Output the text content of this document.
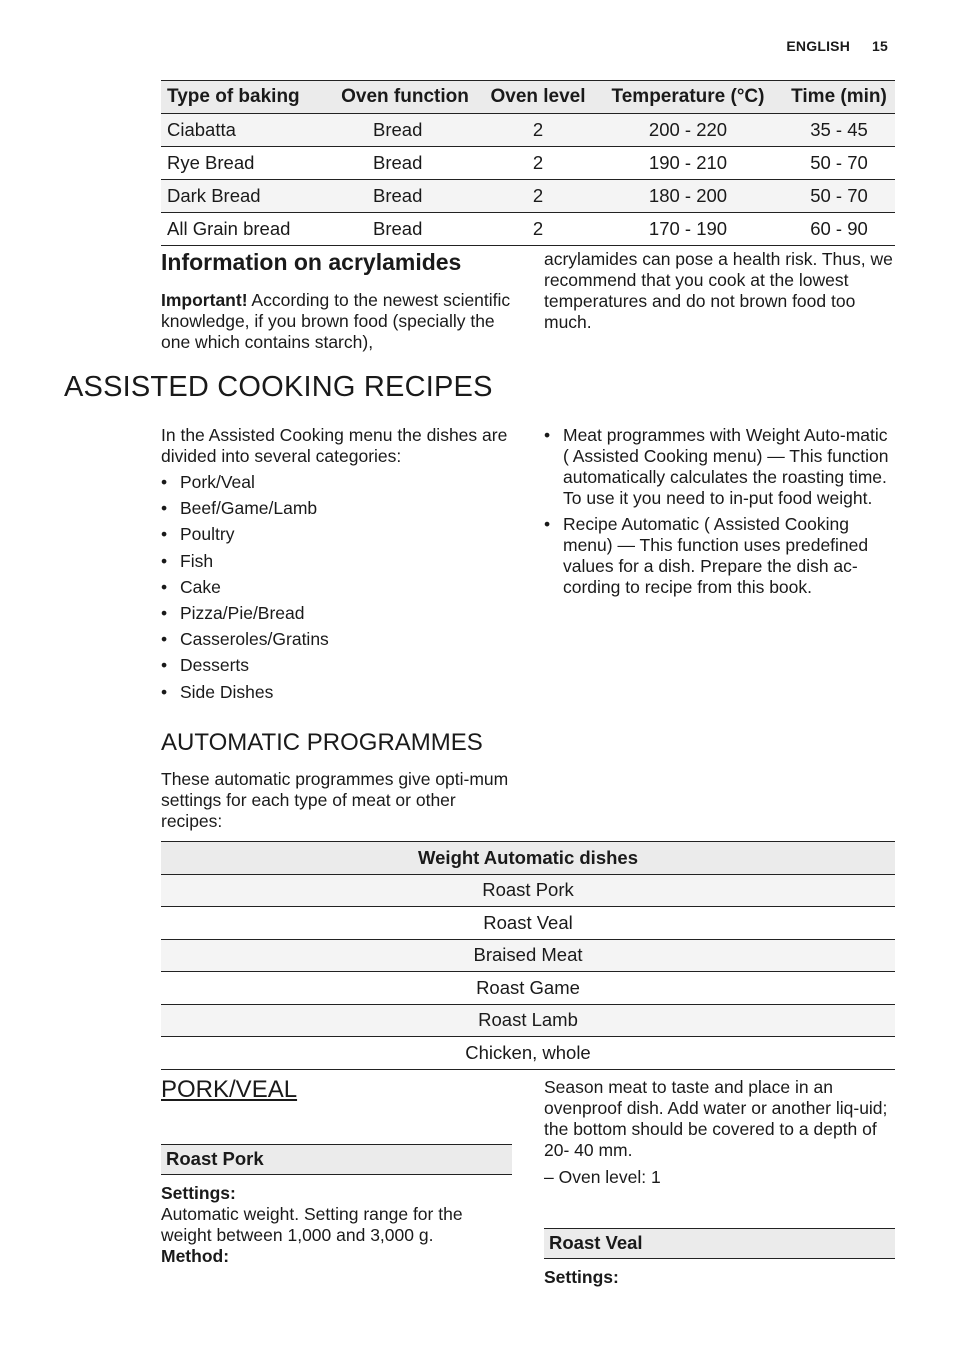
ENGLISH 15
Type of baking	Oven function	Oven level	Temperature (°C)	Time (min)
Ciabatta	Bread	2	200 - 220	35 - 45
Rye Bread	Bread	2	190 - 210	50 - 70
Dark Bread	Bread	2	180 - 200	50 - 70
All Grain bread	Bread	2	170 - 190	60 - 90
Information on acrylamides
Important! According to the newest scientific knowledge, if you brown food (specially the one which contains starch),
acrylamides can pose a health risk. Thus, we recommend that you cook at the lowest temperatures and do not brown food too much.
ASSISTED COOKING RECIPES
In the Assisted Cooking menu the dishes are divided into several categories:
• Pork/Veal
• Beef/Game/Lamb
• Poultry
• Fish
• Cake
• Pizza/Pie/Bread
• Casseroles/Gratins
• Desserts
• Side Dishes
• Meat programmes with Weight Auto-matic ( Assisted Cooking menu) — This function automatically calculates the roasting time. To use it you need to in-put food weight.
• Recipe Automatic ( Assisted Cooking menu) — This function uses predefined values for a dish. Prepare the dish ac-cording to recipe from this book.
AUTOMATIC PROGRAMMES
These automatic programmes give opti-mum settings for each type of meat or other recipes:
Weight Automatic dishes
Roast Pork
Roast Veal
Braised Meat
Roast Game
Roast Lamb
Chicken, whole
PORK/VEAL
Roast Pork
Settings:
Automatic weight. Setting range for the weight between 1,000 and 3,000 g.
Method:
Season meat to taste and place in an ovenproof dish. Add water or another liq-uid; the bottom should be covered to a depth of 20- 40 mm.
– Oven level: 1
Roast Veal
Settings:
